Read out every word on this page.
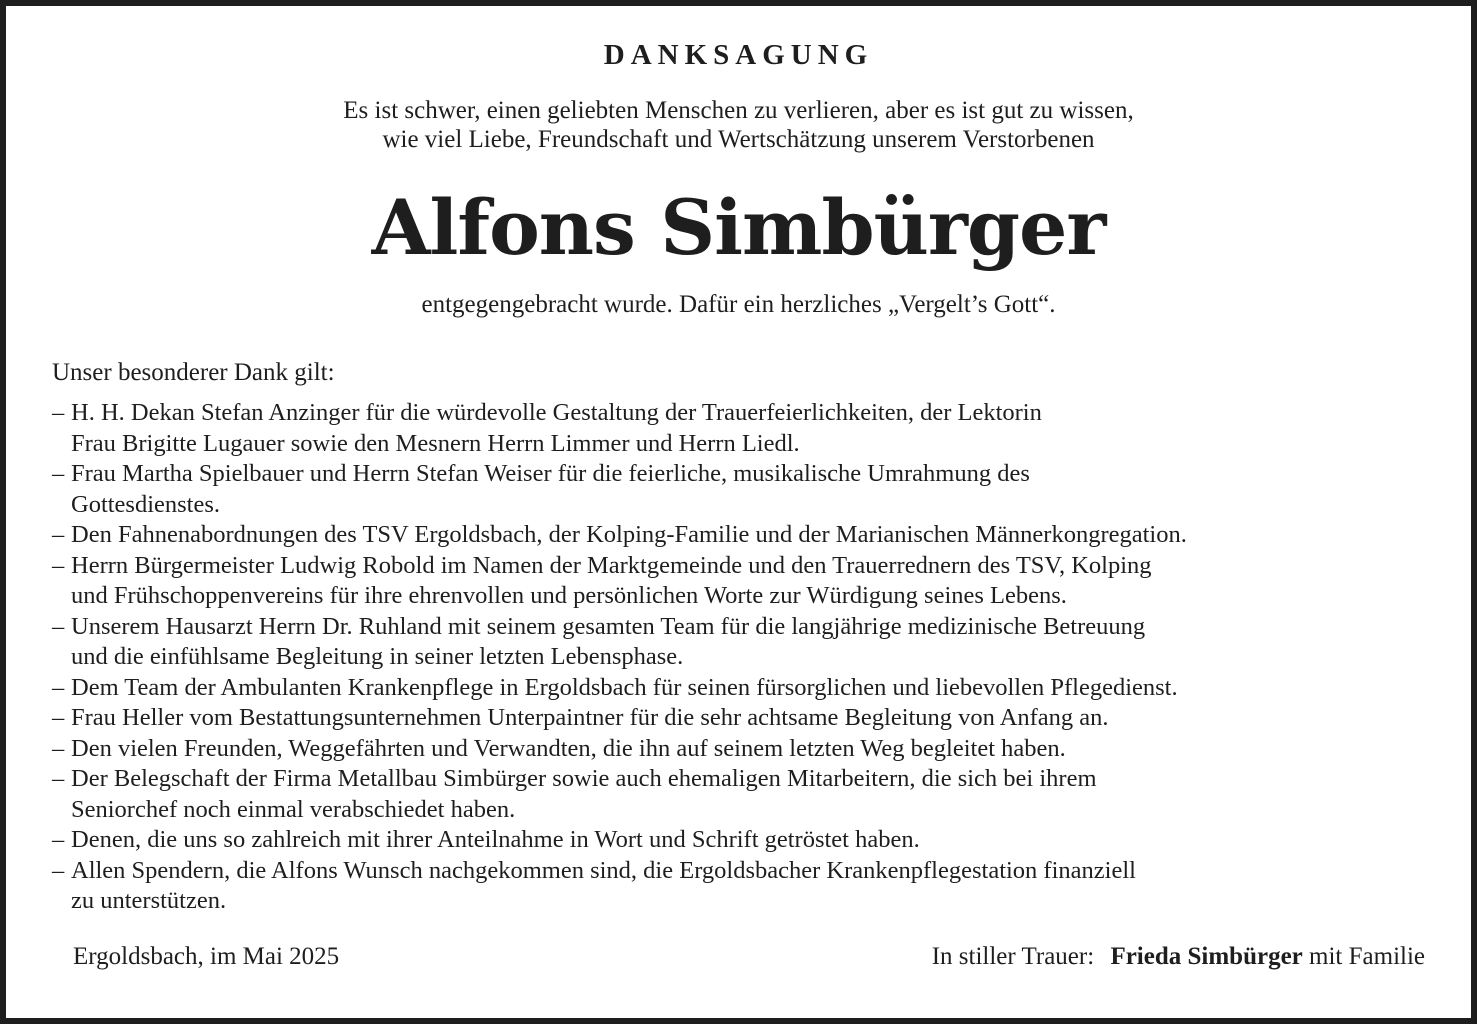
DANKSAGUNG
Es ist schwer, einen geliebten Menschen zu verlieren, aber es ist gut zu wissen,
wie viel Liebe, Freundschaft und Wertschätzung unserem Verstorbenen
Alfons Simbürger
entgegengebracht wurde. Dafür ein herzliches „Vergelt’s Gott“.
Unser besonderer Dank gilt:
– H. H. Dekan Stefan Anzinger für die würdevolle Gestaltung der Trauerfeierlichkeiten, der Lektorin
Frau Brigitte Lugauer sowie den Mesnern Herrn Limmer und Herrn Liedl.
– Frau Martha Spielbauer und Herrn Stefan Weiser für die feierliche, musikalische Umrahmung des
Gottesdienstes.
– Den Fahnenabordnungen des TSV Ergoldsbach, der Kolping-Familie und der Marianischen Männerkongregation.
– Herrn Bürgermeister Ludwig Robold im Namen der Marktgemeinde und den Trauerrednern des TSV, Kolping
und Frühschoppenvereins für ihre ehrenvollen und persönlichen Worte zur Würdigung seines Lebens.
– Unserem Hausarzt Herrn Dr. Ruhland mit seinem gesamten Team für die langjährige medizinische Betreuung
und die einfühlsame Begleitung in seiner letzten Lebensphase.
– Dem Team der Ambulanten Krankenpflege in Ergoldsbach für seinen fürsorglichen und liebevollen Pflegedienst.
– Frau Heller vom Bestattungsunternehmen Unterpaintner für die sehr achtsame Begleitung von Anfang an.
– Den vielen Freunden, Weggefährten und Verwandten, die ihn auf seinem letzten Weg begleitet haben.
– Der Belegschaft der Firma Metallbau Simbürger sowie auch ehemaligen Mitarbeitern, die sich bei ihrem
Seniorchef noch einmal verabschiedet haben.
– Denen, die uns so zahlreich mit ihrer Anteilnahme in Wort und Schrift getröstet haben.
– Allen Spendern, die Alfons Wunsch nachgekommen sind, die Ergoldsbacher Krankenpflegestation finanziell
zu unterstützen.
Ergoldsbach, im Mai 2025	In stiller Trauer: Frieda Simbürger mit Familie
